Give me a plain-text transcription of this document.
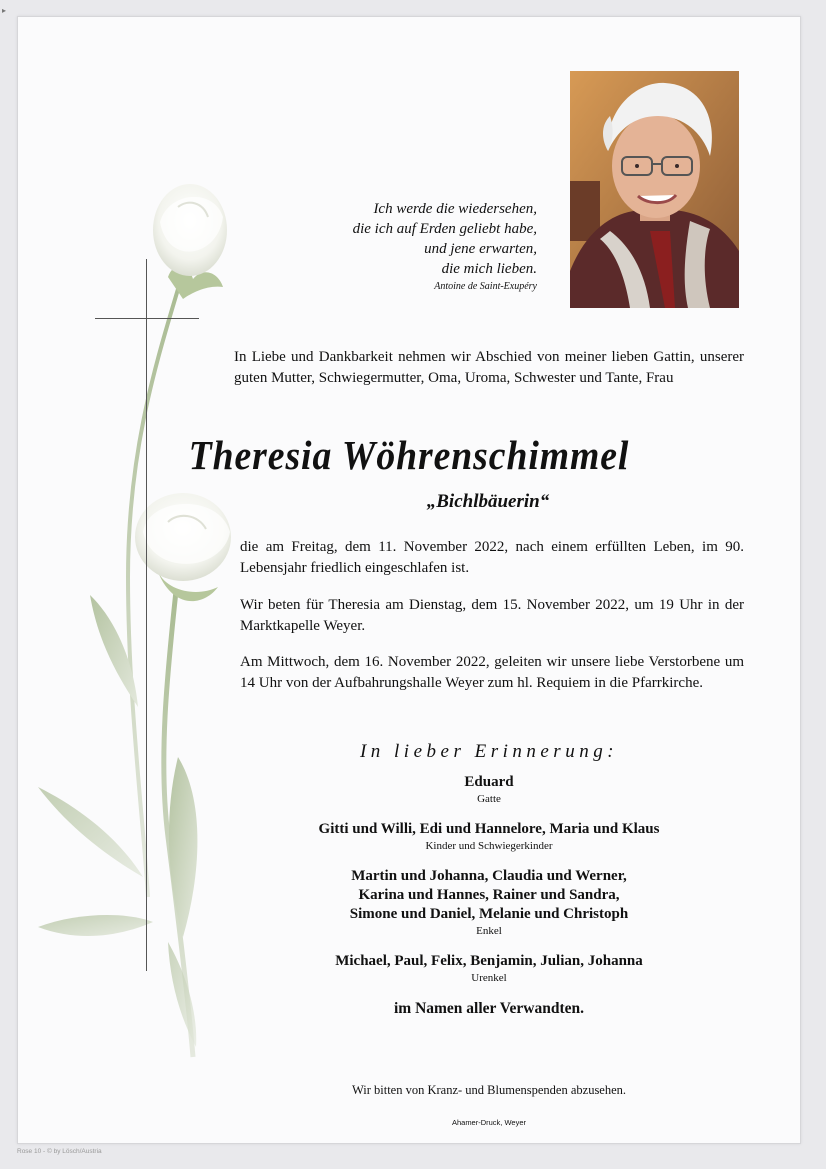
▸
Ich werde die wiedersehen,
die ich auf Erden geliebt habe,
und jene erwarten,
die mich lieben.
Antoine de Saint-Exupéry
In Liebe und Dankbarkeit nehmen wir Abschied von meiner lieben Gattin, unserer guten Mutter, Schwiegermutter, Oma, Uroma, Schwester und Tante, Frau
Theresia Wöhrenschimmel
„Bichlbäuerin“
die am Freitag, dem 11. November 2022, nach einem erfüllten Leben, im 90. Lebensjahr friedlich eingeschlafen ist.
Wir beten für Theresia am Dienstag, dem 15. November 2022, um 19 Uhr in der Marktkapelle Weyer.
Am Mittwoch, dem 16. November 2022, geleiten wir unsere liebe Verstorbene um 14 Uhr von der Aufbahrungshalle Weyer zum hl. Requiem in die Pfarrkirche.
In lieber Erinnerung:
Eduard
Gatte
Gitti und Willi, Edi und Hannelore, Maria und Klaus
Kinder und Schwiegerkinder
Martin und Johanna, Claudia und Werner,
Karina und Hannes, Rainer und Sandra,
Simone und Daniel, Melanie und Christoph
Enkel
Michael, Paul, Felix, Benjamin, Julian, Johanna
Urenkel
im Namen aller Verwandten.
Wir bitten von Kranz- und Blumenspenden abzusehen.
Ahamer-Druck, Weyer
Rose 10 - © by Lösch/Austria
